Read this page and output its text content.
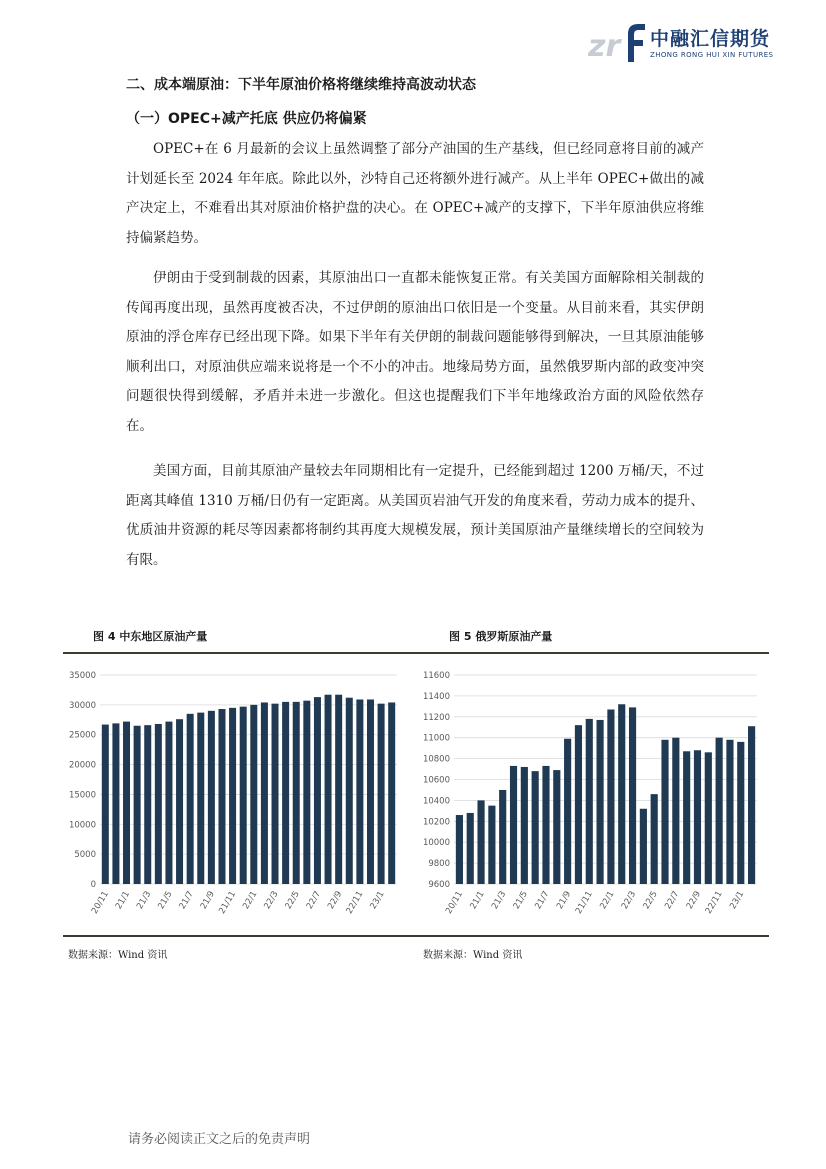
zr 中融汇信期货
ZHONG RONG HUI XIN FUTURES
二、成本端原油：下半年原油价格将继续维持高波动状态
（一）OPEC+减产托底 供应仍将偏紧

OPEC+在 6 月最新的会议上虽然调整了部分产油国的生产基线，但已经同意将目前的减产计划延长至 2024 年年底。除此以外，沙特自己还将额外进行减产。从上半年 OPEC+做出的减产决定上，不难看出其对原油价格护盘的决心。在 OPEC+减产的支撑下，下半年原油供应将维持偏紧趋势。

伊朗由于受到制裁的因素，其原油出口一直都未能恢复正常。有关美国方面解除相关制裁的传闻再度出现，虽然再度被否决，不过伊朗的原油出口依旧是一个变量。从目前来看，其实伊朗原油的浮仓库存已经出现下降。如果下半年有关伊朗的制裁问题能够得到解决，一旦其原油能够顺利出口，对原油供应端来说将是一个不小的冲击。地缘局势方面，虽然俄罗斯内部的政变冲突问题很快得到缓解，矛盾并未进一步激化。但这也提醒我们下半年地缘政治方面的风险依然存在。

美国方面，目前其原油产量较去年同期相比有一定提升，已经能到超过 1200 万桶/天，不过距离其峰值 1310 万桶/日仍有一定距离。从美国页岩油气开发的角度来看，劳动力成本的提升、优质油井资源的耗尽等因素都将制约其再度大规模发展，预计美国原油产量继续增长的空间较为有限。

图 4 中东地区原油产量	图 5 俄罗斯原油产量
0
5000
10000
15000
20000
25000
30000
35000
20/11 21/1 21/3 21/5 21/7 21/9 21/11 22/1 22/3 22/5 22/7 22/9 22/11 23/1
9600
9800
10000
10200
10400
10600
10800
11000
11200
11400
11600
20/11 21/1 21/3 21/5 21/7 21/9 21/11 22/1 22/3 22/5 22/7 22/9 22/11 23/1
数据来源：Wind 资讯	数据来源：Wind 资讯
请务必阅读正文之后的免责声明
